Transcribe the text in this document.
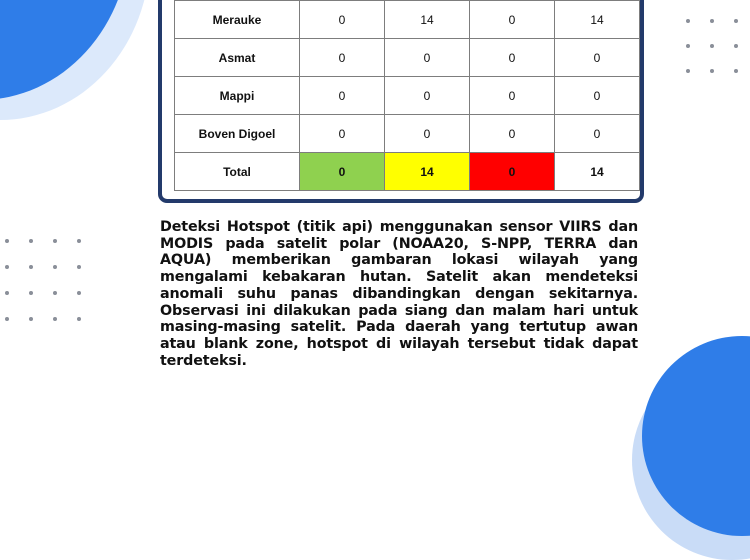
Merauke	0	14	0	14
Asmat	0	0	0	0
Mappi	0	0	0	0
Boven Digoel	0	0	0	0
Total	0	14	0	14

Deteksi Hotspot (titik api) menggunakan sensor VIIRS dan MODIS pada satelit polar (NOAA20, S-NPP, TERRA dan AQUA) memberikan gambaran lokasi wilayah yang mengalami kebakaran hutan. Satelit akan mendeteksi anomali suhu panas dibandingkan dengan sekitarnya. Observasi ini dilakukan pada siang dan malam hari untuk masing-masing satelit. Pada daerah yang tertutup awan atau blank zone, hotspot di wilayah tersebut tidak dapat terdeteksi.
